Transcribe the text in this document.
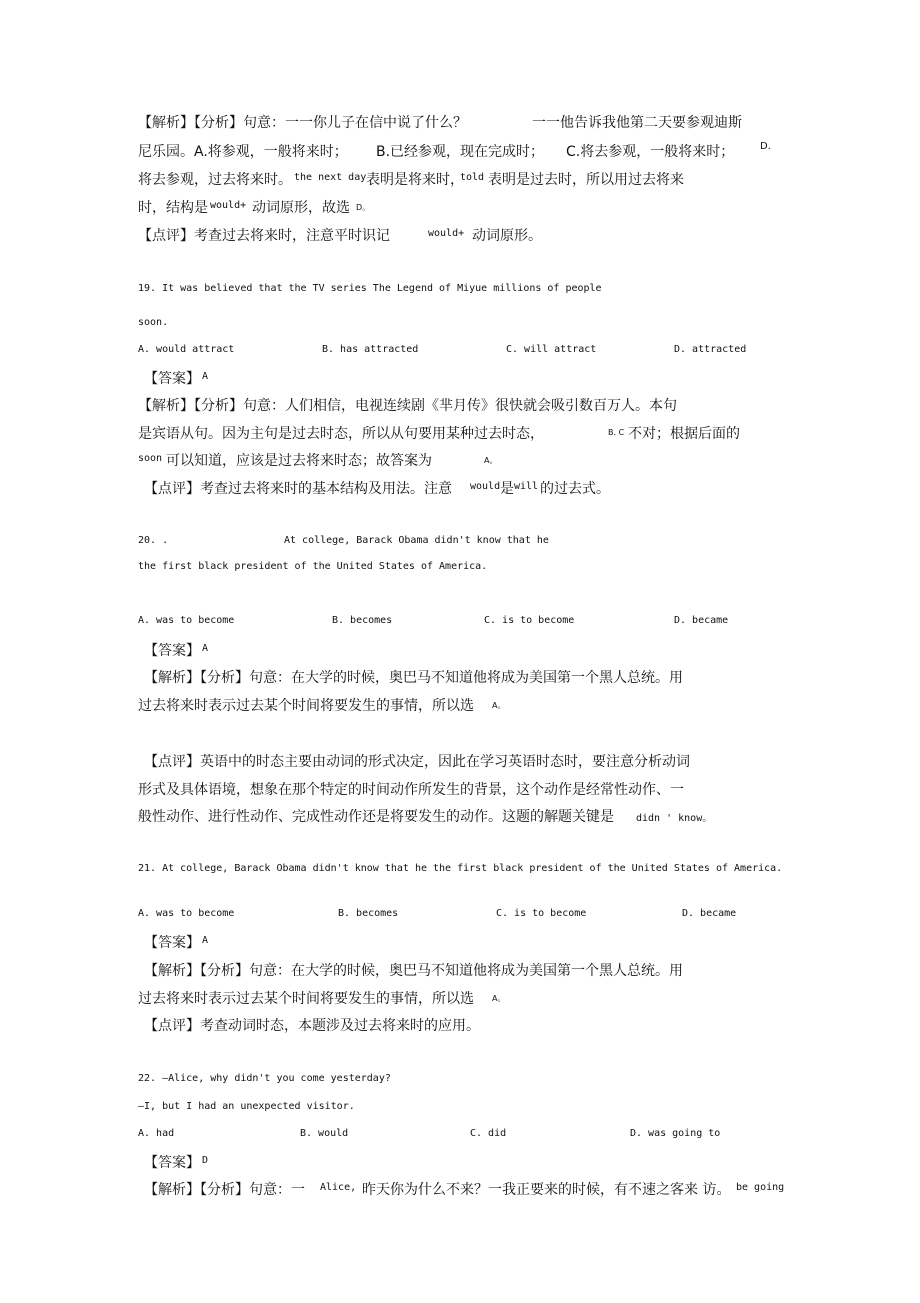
【解析】【分析】句意：一一你儿子在信中说了什么？	一一他告诉我他第二天要参观迪斯
尼乐园。 A.将参观，一般将来时； B.已经参观，现在完成时； C.将去参观，一般将来时；	D.
将去参观，过去将来时。 the next day 表明是将来时，
told 表明是过去时，所以用过去将来
时，结构是 would+ 动词原形，故选 D。
【点评】考查过去将来时，注意平时识记	would+ 动词原形。
19. It was believed that the TV series The Legend of Miyue millions of people
soon.
A. would attract	B. has attracted	C. will attract	D. attracted
【答案】 A
【解析】【分析】句意：人们相信，电视连续剧《芈月传》很快就会吸引数百万人。本句
是宾语从句。因为主句是过去时态，所以从句要用某种过去时态，	B. C 不对；根据后面的
soon 可以知道，应该是过去将来时态；故答案为	A。
【点评】考查过去将来时的基本结构及用法。注意 would 是 will 的过去式。
20. .	At college, Barack Obama didn't know that he
the first black president of the United States of America.
A. was to become	B. becomes	C. is to become	D. became
【答案】 A
【解析】【分析】句意：在大学的时候，奥巴马不知道他将成为美国第一个黑人总统。用
过去将来时表示过去某个时间将要发生的事情，所以选 A。
【点评】英语中的时态主要由动词的形式决定，因此在学习英语时态时，要注意分析动词
形式及具体语境，想象在那个特定的时间动作所发生的背景，这个动作是经常性动作、一
般性动作、进行性动作、完成性动作还是将要发生的动作。这题的解题关键是 didn ' know。
21. At college, Barack Obama didn't know that he the first black president of the United States of America.
A. was to become	B. becomes	C. is to become	D. became
【答案】 A
【解析】【分析】句意：在大学的时候，奥巴马不知道他将成为美国第一个黑人总统。用
过去将来时表示过去某个时间将要发生的事情，所以选 A。
【点评】考查动词时态，本题涉及过去将来时的应用。
22. —Alice, why didn't you come yesterday?
—I, but I had an unexpected visitor.
A. had	B. would	C. did	D. was going to
【答案】 D
【解析】【分析】句意：一 Alice, 昨天你为什么不来？一我正要来的时候，有不速之客来 访。 be going
